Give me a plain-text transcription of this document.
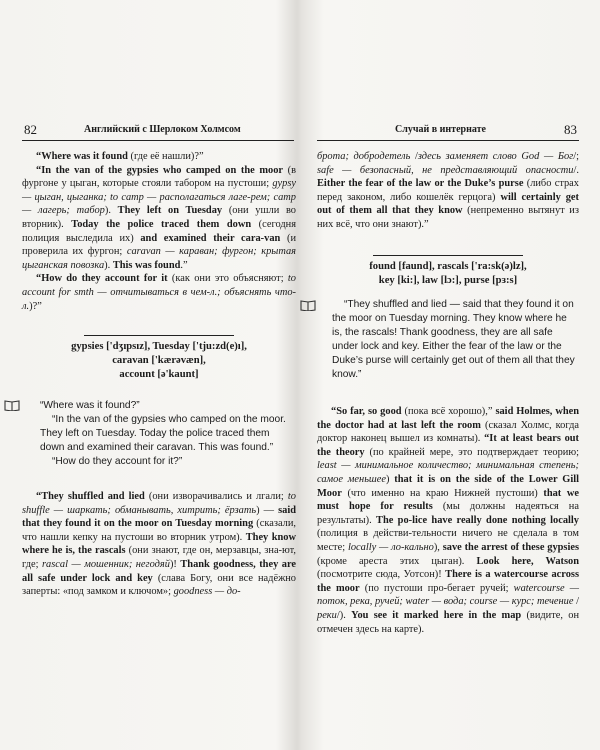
82	Английский с Шерлоком Холмсом	Случай в интернате	83

“Where was it found (где её нашли)?”

“In the van of the gypsies who camped on the moor (в фургоне у цыган, которые стояли табором на пустоши; gypsy — цыган, цыганка; to camp — располагаться лаге-рем; camp — лагерь; табор). They left on Tuesday (они ушли во вторник). Today the police traced them down (сегодня полиция выследила их) and examined their cara-van (и проверила их фургон; caravan — караван; фургон; крытая цыганская повозка). This was found.”

“How do they account for it (как они это объясняют; to account for smth — отчитываться в чем-л.; объяснять что-л.)?”

gypsies ['dʒıpsız], Tuesday ['tju:zd(e)ı],
caravan ['kærəvæn],
account [ə'kaunt]
“Where was it found?”
“In the van of the gypsies who camped on the moor. They left on Tuesday. Today the police traced them down and examined their caravan. This was found.”
“How do they account for it?”

“They shuffled and lied (они изворачивались и лгали; to shuffle — шаркать; обманывать, хитрить; ёрзать) — said that they found it on the moor on Tuesday morning (сказали, что нашли кепку на пустоши во вторник утром). They know where he is, the rascals (они знают, где он, мерзавцы, зна-ют, где; rascal — мошенник; негодяй)! Thank goodness, they are all safe under lock and key (слава Богу, они все надёжно заперты: «под замком и ключом»; goodness — до-

брота; добродетель /здесь заменяет слово God — Бог/; safe — безопасный, не представляющий опасности/. Either the fear of the law or the Duke’s purse (либо страх перед законом, либо кошелёк герцога) will certainly get out of them all that they know (непременно вытянут из них всё, что они знают).”

found [faund], rascals ['ra:sk(ə)lz],
key [ki:], law [lɔ:], purse [pɜ:s]
“They shuffled and lied — said that they found it on the moor on Tuesday morning. They know where he is, the rascals! Thank goodness, they are all safe under lock and key. Either the fear of the law or the Duke’s purse will certainly get out of them all that they know.”

“So far, so good (пока всё хорошо),” said Holmes, when the doctor had at last left the room (сказал Холмс, когда доктор наконец вышел из комнаты). “It at least bears out the theory (по крайней мере, это подтверждает теорию; least — минимальное количество; минимальная степень; самое меньшее) that it is on the side of the Lower Gill Moor (что именно на краю Нижней пустоши) that we must hope for results (мы должны надеяться на результаты). The po-lice have really done nothing locally (полиция в действи-тельности ничего не сделала в том месте; locally — ло-кально), save the arrest of these gypsies (кроме ареста этих цыган). Look here, Watson (посмотрите сюда, Уотсон)! There is a watercourse across the moor (по пустоши про-бегает ручей; watercourse — поток, река, ручей; water — вода; course — курс; течение /реки/). You see it marked here in the map (видите, он отмечен здесь на карте).
